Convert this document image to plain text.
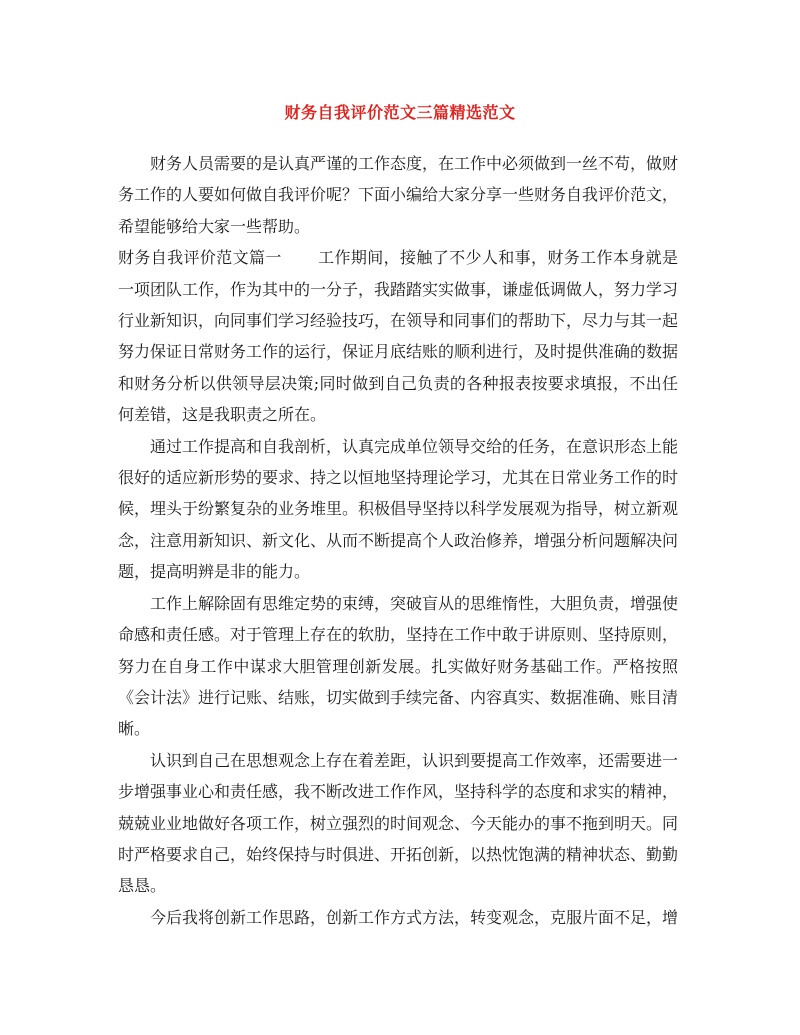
财务自我评价范文三篇精选范文

财务人员需要的是认真严谨的工作态度，在工作中必须做到一丝不苟，做财务工作的人要如何做自我评价呢？下面小编给大家分享一些财务自我评价范文，希望能够给大家一些帮助。

财务自我评价范文篇一 工作期间，接触了不少人和事，财务工作本身就是一项团队工作，作为其中的一分子，我踏踏实实做事，谦虚低调做人，努力学习行业新知识，向同事们学习经验技巧，在领导和同事们的帮助下，尽力与其一起努力保证日常财务工作的运行，保证月底结账的顺利进行，及时提供准确的数据和财务分析以供领导层决策;同时做到自己负责的各种报表按要求填报，不出任何差错，这是我职责之所在。

通过工作提高和自我剖析，认真完成单位领导交给的任务，在意识形态上能很好的适应新形势的要求、持之以恒地坚持理论学习，尤其在日常业务工作的时候，埋头于纷繁复杂的业务堆里。积极倡导坚持以科学发展观为指导，树立新观念，注意用新知识、新文化、从而不断提高个人政治修养，增强分析问题解决问题，提高明辨是非的能力。

工作上解除固有思维定势的束缚，突破盲从的思维惰性，大胆负责，增强使命感和责任感。对于管理上存在的软肋，坚持在工作中敢于讲原则、坚持原则，努力在自身工作中谋求大胆管理创新发展。扎实做好财务基础工作。严格按照《会计法》进行记账、结账，切实做到手续完备、内容真实、数据准确、账目清晰。

认识到自己在思想观念上存在着差距，认识到要提高工作效率，还需要进一步增强事业心和责任感，我不断改进工作作风，坚持科学的态度和求实的精神，兢兢业业地做好各项工作，树立强烈的时间观念、今天能办的事不拖到明天。同时严格要求自己，始终保持与时俱进、开拓创新，以热忱饱满的精神状态、勤勤恳恳。

今后我将创新工作思路，创新工作方式方法，转变观念，克服片面不足，增
